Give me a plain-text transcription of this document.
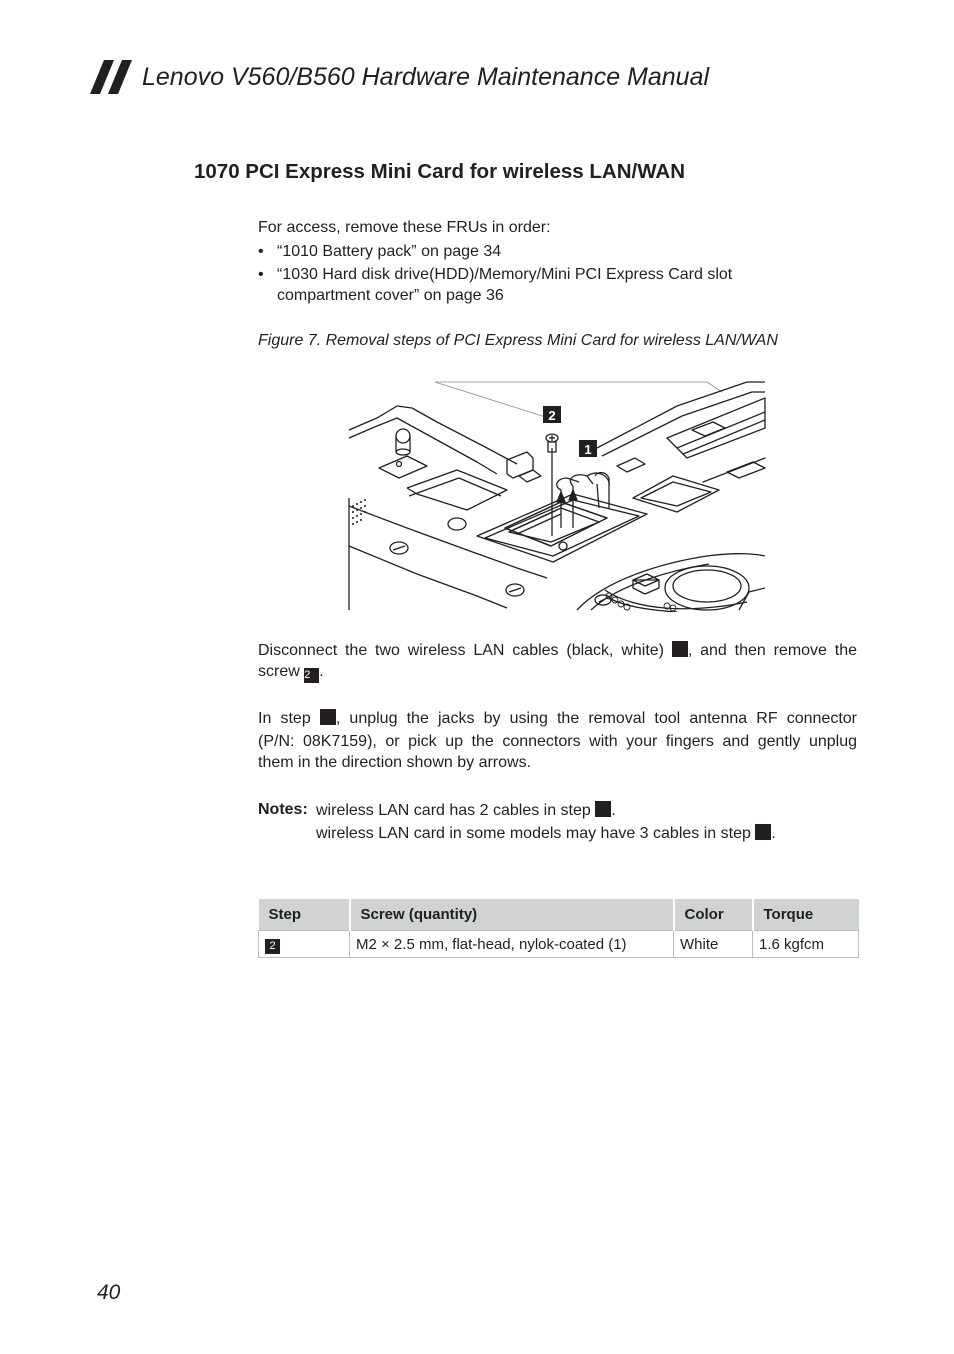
Lenovo V560/B560 Hardware Maintenance Manual
1070 PCI Express Mini Card for wireless LAN/WAN
For access, remove these FRUs in order:
• “1010 Battery pack” on page 34
• “1030 Hard disk drive(HDD)/Memory/Mini PCI Express Card slot
compartment cover” on page 36
Figure 7. Removal steps of PCI Express Mini Card for wireless LAN/WAN
2
1
Disconnect the two wireless LAN cables (black, white) , and then remove the
screw 2 .
In step , unplug the jacks by using the removal tool antenna RF connector
(P/N: 08K7159), or pick up the connectors with your fingers and gently unplug
them in the direction shown by arrows.
Notes: wireless LAN card has 2 cables in step .
wireless LAN card in some models may have 3 cables in step .
Step	Screw (quantity)	Color	Torque
2	M2 × 2.5 mm, flat-head, nylok-coated (1)	White	1.6 kgfcm
40
